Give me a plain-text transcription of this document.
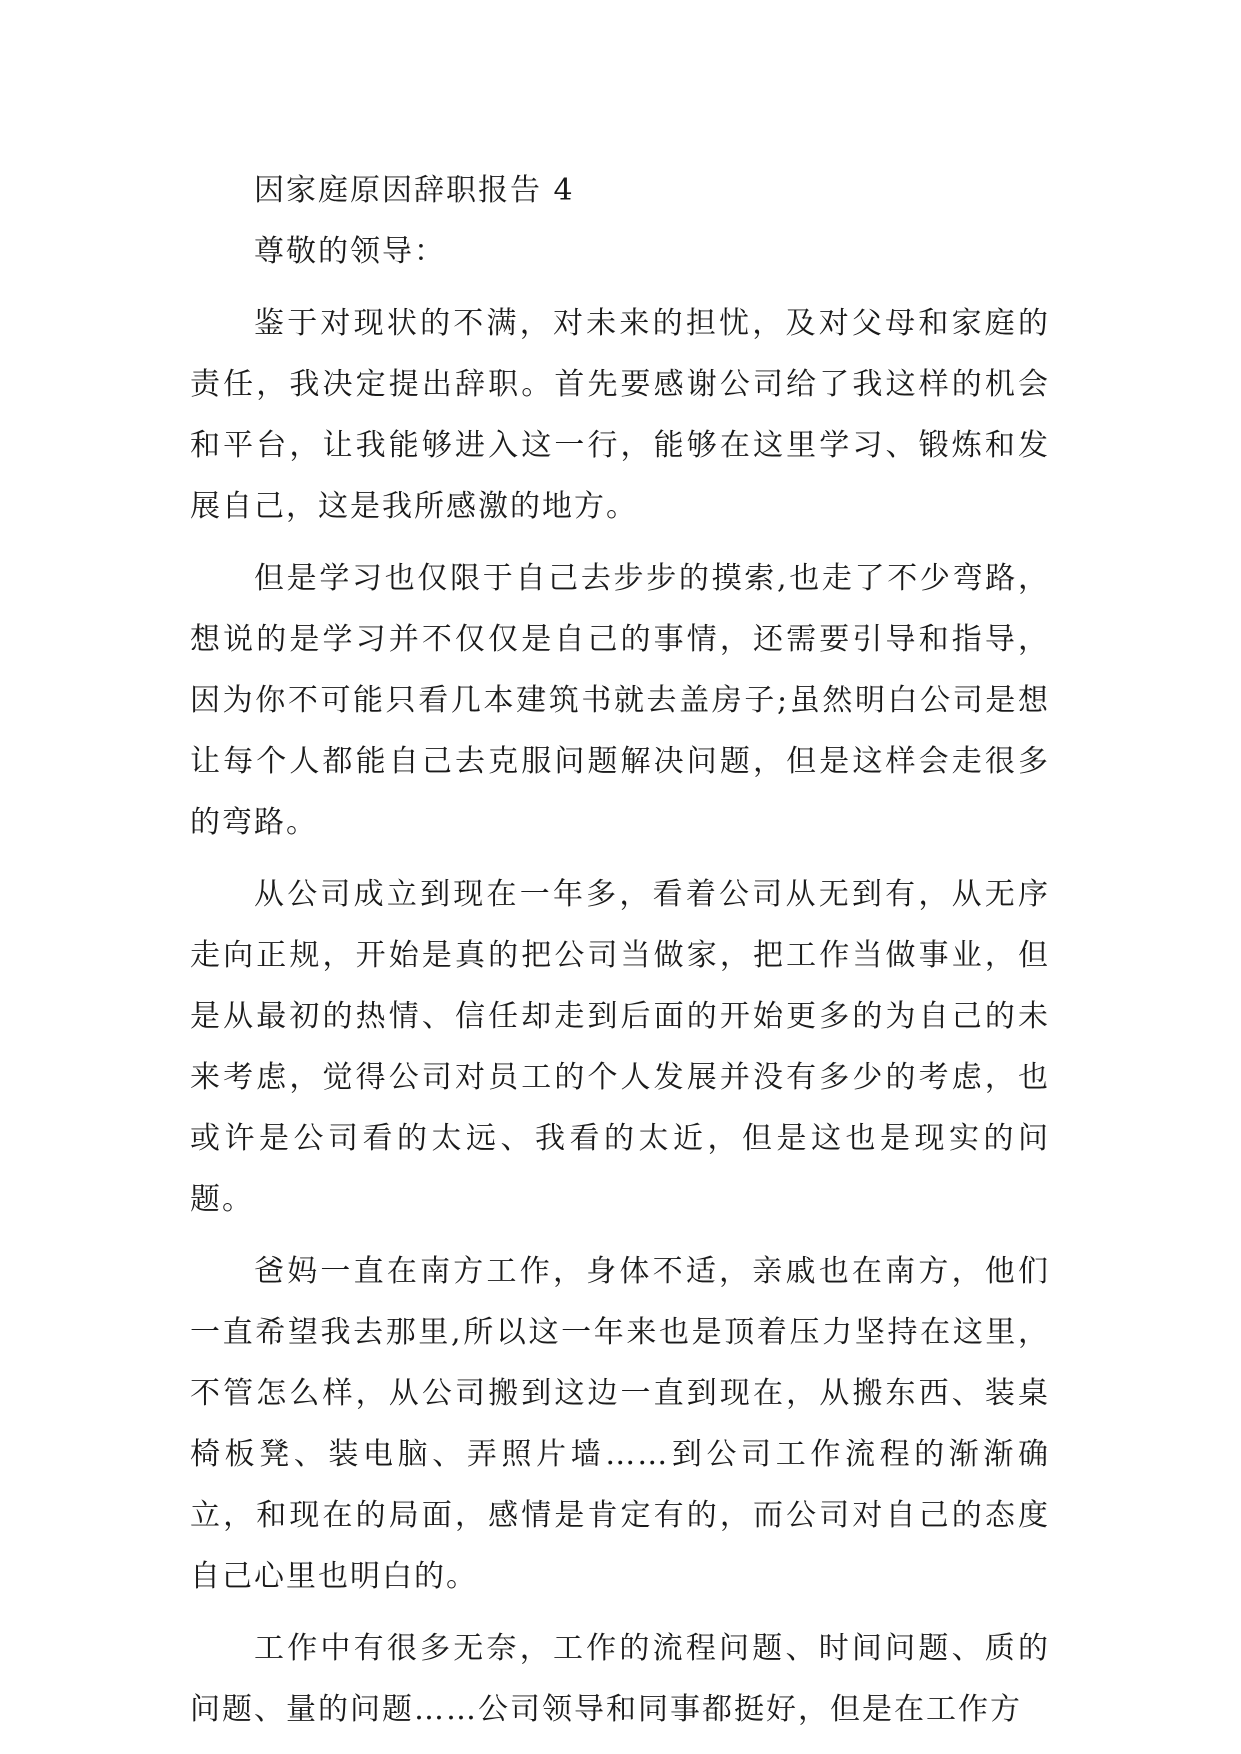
因家庭原因辞职报告 4

尊敬的领导：

鉴于对现状的不满，对未来的担忧，及对父母和家庭的责任，我决定提出辞职。首先要感谢公司给了我这样的机会和平台，让我能够进入这一行，能够在这里学习、锻炼和发展自己，这是我所感激的地方。

但是学习也仅限于自己去步步的摸索,也走了不少弯路，想说的是学习并不仅仅是自己的事情，还需要引导和指导，因为你不可能只看几本建筑书就去盖房子;虽然明白公司是想让每个人都能自己去克服问题解决问题，但是这样会走很多的弯路。

从公司成立到现在一年多，看着公司从无到有，从无序走向正规，开始是真的把公司当做家，把工作当做事业，但是从最初的热情、信任却走到后面的开始更多的为自己的未来考虑，觉得公司对员工的个人发展并没有多少的考虑，也或许是公司看的太远、我看的太近，但是这也是现实的问题。

爸妈一直在南方工作，身体不适，亲戚也在南方，他们一直希望我去那里,所以这一年来也是顶着压力坚持在这里，不管怎么样，从公司搬到这边一直到现在，从搬东西、装桌椅板凳、装电脑、弄照片墙……到公司工作流程的渐渐确立，和现在的局面，感情是肯定有的，而公司对自己的态度自己心里也明白的。

工作中有很多无奈，工作的流程问题、时间问题、质的问题、量的问题……公司领导和同事都挺好，但是在工作方
